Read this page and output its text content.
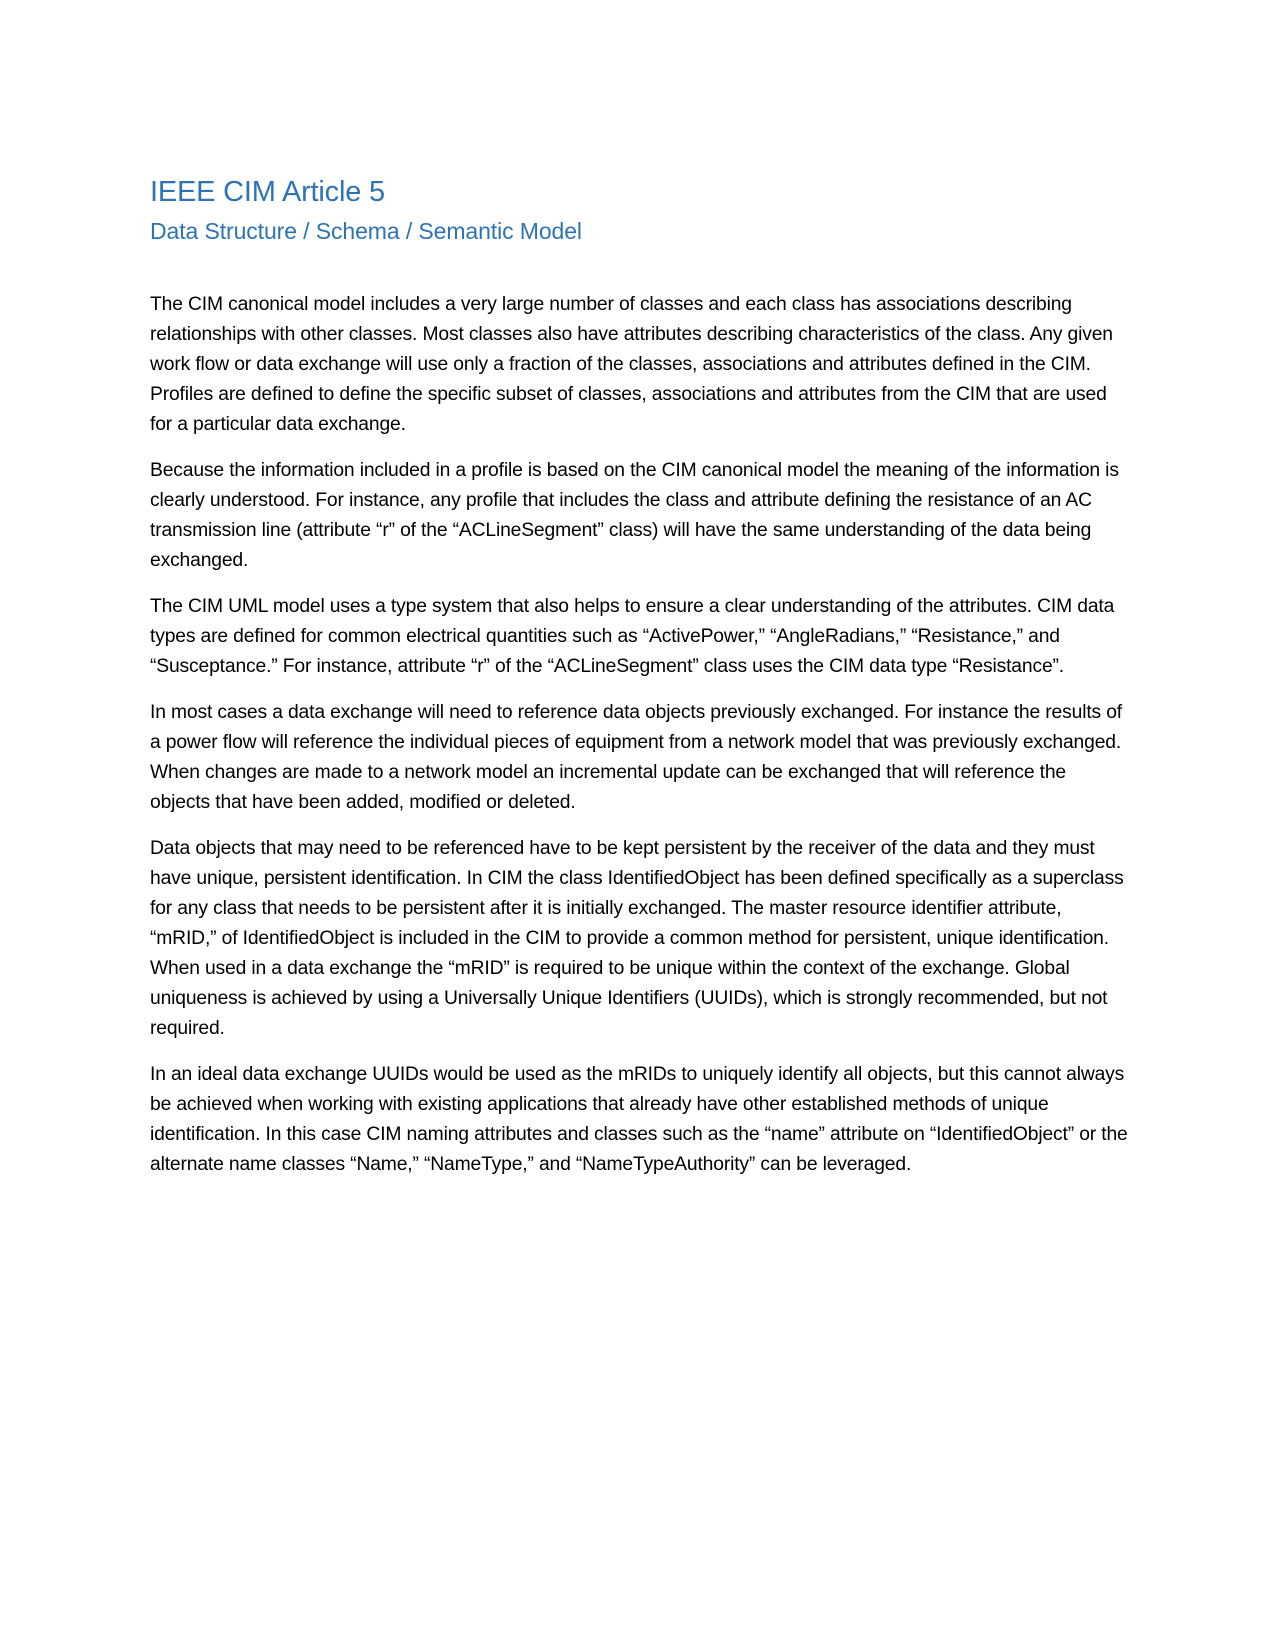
IEEE CIM Article 5
Data Structure / Schema / Semantic Model

The CIM canonical model includes a very large number of classes and each class has associations describing relationships with other classes. Most classes also have attributes describing characteristics of the class. Any given work flow or data exchange will use only a fraction of the classes, associations and attributes defined in the CIM. Profiles are defined to define the specific subset of classes, associations and attributes from the CIM that are used for a particular data exchange.

Because the information included in a profile is based on the CIM canonical model the meaning of the information is clearly understood. For instance, any profile that includes the class and attribute defining the resistance of an AC transmission line (attribute “r” of the “ACLineSegment” class) will have the same understanding of the data being exchanged.

The CIM UML model uses a type system that also helps to ensure a clear understanding of the attributes. CIM data types are defined for common electrical quantities such as “ActivePower,” “AngleRadians,” “Resistance,” and “Susceptance.” For instance, attribute “r” of the “ACLineSegment” class uses the CIM data type “Resistance”.

In most cases a data exchange will need to reference data objects previously exchanged. For instance the results of a power flow will reference the individual pieces of equipment from a network model that was previously exchanged. When changes are made to a network model an incremental update can be exchanged that will reference the objects that have been added, modified or deleted.

Data objects that may need to be referenced have to be kept persistent by the receiver of the data and they must have unique, persistent identification. In CIM the class IdentifiedObject has been defined specifically as a superclass for any class that needs to be persistent after it is initially exchanged. The master resource identifier attribute, “mRID,” of IdentifiedObject is included in the CIM to provide a common method for persistent, unique identification. When used in a data exchange the “mRID” is required to be unique within the context of the exchange. Global uniqueness is achieved by using a Universally Unique Identifiers (UUIDs), which is strongly recommended, but not required.

In an ideal data exchange UUIDs would be used as the mRIDs to uniquely identify all objects, but this cannot always be achieved when working with existing applications that already have other established methods of unique identification. In this case CIM naming attributes and classes such as the “name” attribute on “IdentifiedObject” or the alternate name classes “Name,” “NameType,” and “NameTypeAuthority” can be leveraged.
